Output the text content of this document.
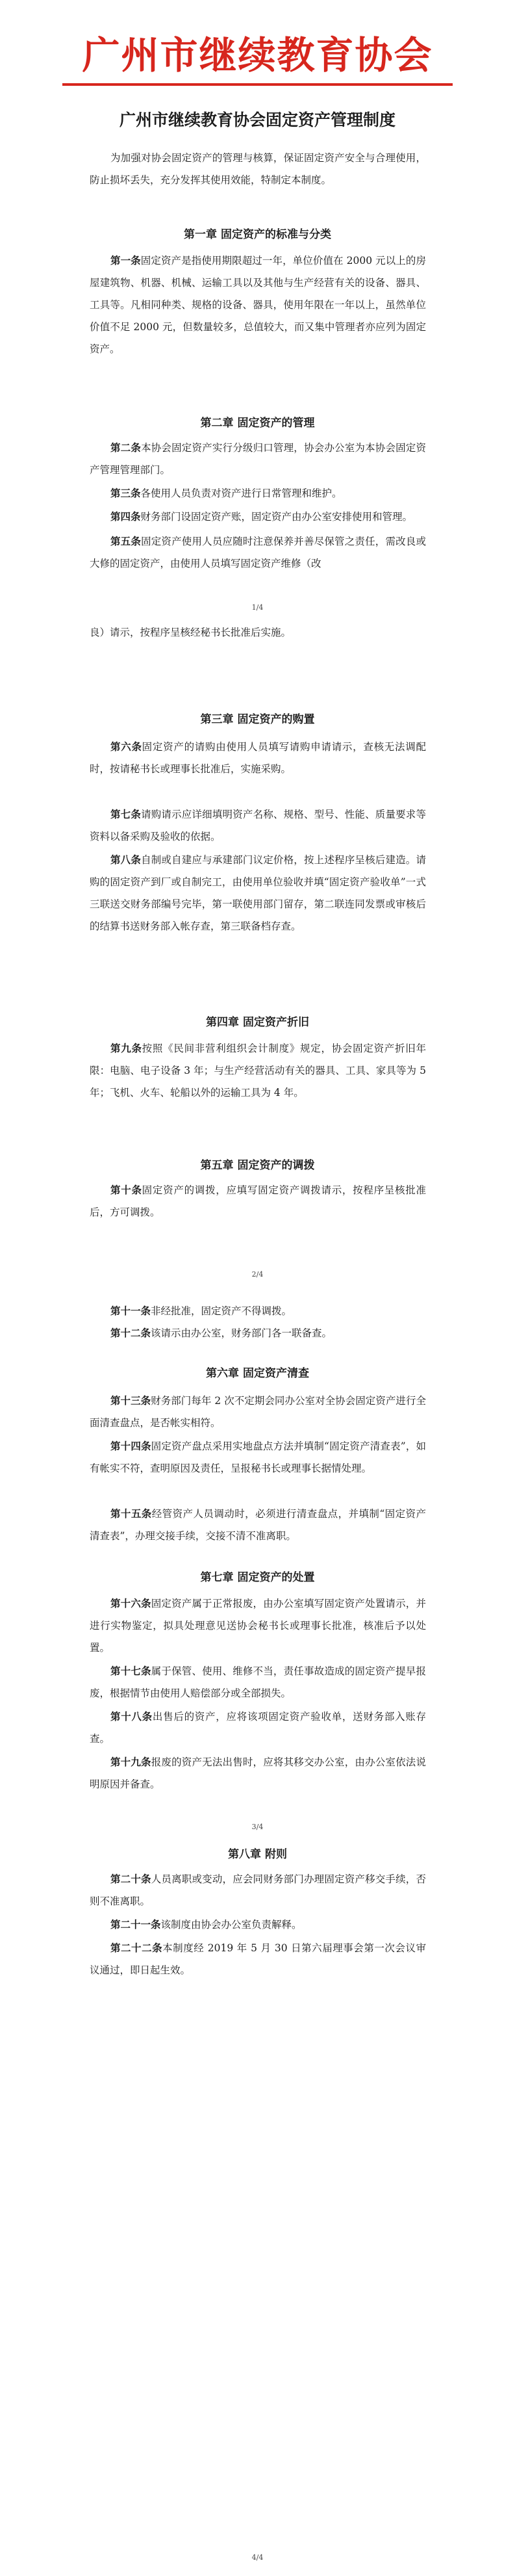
广州市继续教育协会
广州市继续教育协会固定资产管理制度

为加强对协会固定资产的管理与核算，保证固定资产安全与合理使用，防止损坏丢失，充分发挥其使用效能，特制定本制度。

第一章 固定资产的标准与分类

第一条固定资产是指使用期限超过一年，单位价值在 2000 元以上的房屋建筑物、机器、机械、运输工具以及其他与生产经营有关的设备、器具、工具等。凡相同种类、规格的设备、器具，使用年限在一年以上，虽然单位价值不足 2000 元，但数量较多，总值较大，而又集中管理者亦应列为固定资产。

第二章 固定资产的管理

第二条本协会固定资产实行分级归口管理，协会办公室为本协会固定资产管理管理部门。

第三条各使用人员负责对资产进行日常管理和维护。

第四条财务部门设固定资产账，固定资产由办公室安排使用和管理。

第五条固定资产使用人员应随时注意保养并善尽保管之责任，需改良或大修的固定资产，由使用人员填写固定资产维修（改

1/4

良）请示，按程序呈核经秘书长批准后实施。

第三章 固定资产的购置

第六条固定资产的请购由使用人员填写请购申请请示，查核无法调配时，按请秘书长或理事长批准后，实施采购。

第七条请购请示应详细填明资产名称、规格、型号、性能、质量要求等资料以备采购及验收的依据。

第八条自制或自建应与承建部门议定价格，按上述程序呈核后建造。请购的固定资产到厂或自制完工，由使用单位验收并填“固定资产验收单”一式三联送交财务部编号完毕，第一联使用部门留存，第二联连同发票或审核后的结算书送财务部入帐存查，第三联备档存查。

第四章 固定资产折旧

第九条按照《民间非营利组织会计制度》规定，协会固定资产折旧年限：电脑、电子设备 3 年；与生产经营活动有关的器具、工具、家具等为 5 年；飞机、火车、轮船以外的运输工具为 4 年。

第五章 固定资产的调拨

第十条固定资产的调拨，应填写固定资产调拨请示，按程序呈核批准后，方可调拨。

2/4

第十一条非经批准，固定资产不得调拨。

第十二条该请示由办公室，财务部门各一联备查。

第六章 固定资产清查

第十三条财务部门每年 2 次不定期会同办公室对全协会固定资产进行全面清查盘点，是否帐实相符。

第十四条固定资产盘点采用实地盘点方法并填制“固定资产清查表”，如有帐实不符，查明原因及责任，呈报秘书长或理事长据情处理。

第十五条经管资产人员调动时，必须进行清查盘点，并填制“固定资产清查表”，办理交接手续，交接不清不准离职。

第七章 固定资产的处置

第十六条固定资产属于正常报废，由办公室填写固定资产处置请示，并进行实物鉴定，拟具处理意见送协会秘书长或理事长批准，核准后予以处置。

第十七条属于保管、使用、维修不当，责任事故造成的固定资产提早报废，根据情节由使用人赔偿部分或全部损失。

第十八条出售后的资产，应将该项固定资产验收单，送财务部入账存查。

第十九条报废的资产无法出售时，应将其移交办公室，由办公室依法说明原因并备查。

3/4
第八章 附则

第二十条人员离职或变动，应会同财务部门办理固定资产移交手续，否则不准离职。

第二十一条该制度由协会办公室负责解释。

第二十二条本制度经 2019 年 5 月 30 日第六届理事会第一次会议审议通过，即日起生效。

4/4
